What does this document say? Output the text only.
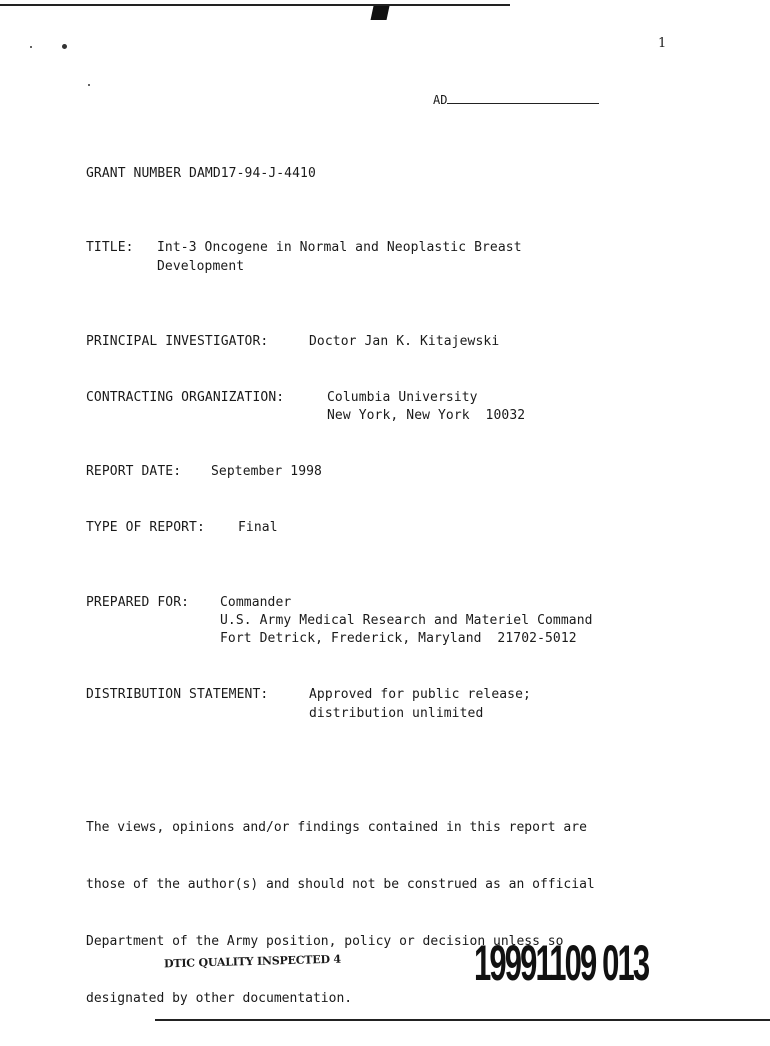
1
AD
GRANT NUMBER DAMD17-94-J-4410
TITLE: Int-3 Oncogene in Normal and Neoplastic Breast
Development
PRINCIPAL INVESTIGATOR:	Doctor Jan K. Kitajewski
CONTRACTING ORGANIZATION:	Columbia University
New York, New York  10032
REPORT DATE: September 1998
TYPE OF REPORT:	Final
PREPARED FOR: Commander
U.S. Army Medical Research and Materiel Command
Fort Detrick, Frederick, Maryland  21702-5012
DISTRIBUTION STATEMENT:	Approved for public release;
distribution unlimited

The views, opinions and/or findings contained in this report are

those of the author(s) and should not be construed as an official

Department of the Army position, policy or decision unless so

designated by other documentation.

DTIC QUALITY INSPECTED 4	19991109 013
